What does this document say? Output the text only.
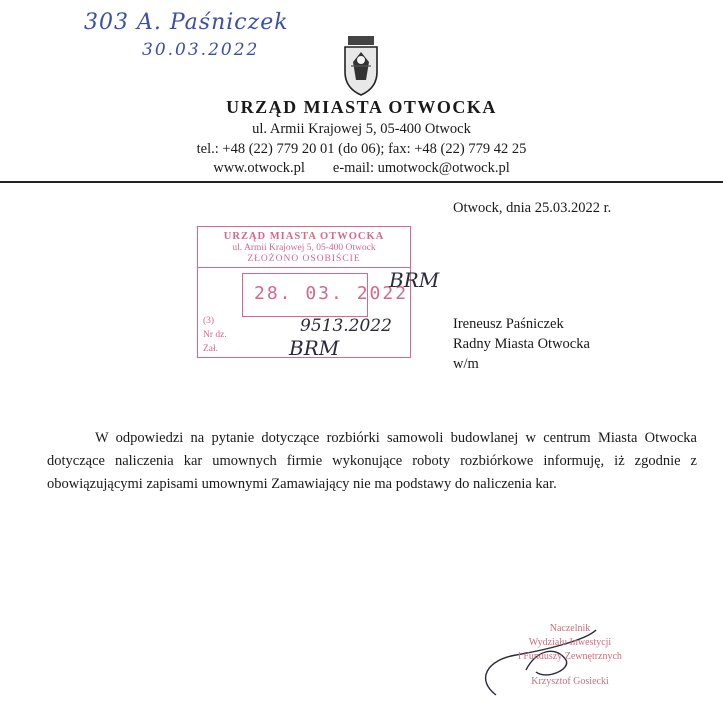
303 A. Paśniczek
30.03.2022
URZĄD MIASTA OTWOCKA
ul. Armii Krajowej 5, 05-400 Otwock
tel.: +48 (22) 779 20 01 (do 06); fax: +48 (22) 779 42 25
www.otwock.pl e-mail: umotwock@otwock.pl
Otwock, dnia 25.03.2022 r.
URZĄD MIASTA OTWOCKA
ul. Armii Krajowej 5, 05-400 Otwock
ZŁOŻONO OSOBIŚCIE
28. 03. 2022
(3)
Nr dz.
Zał.
9513.2022
BRM
BRM
Ireneusz Paśniczek
Radny Miasta Otwocka
w/m
W odpowiedzi na pytanie dotyczące rozbiórki samowoli budowlanej w centrum Miasta Otwocka dotyczące naliczenia kar umownych firmie wykonujące roboty rozbiórkowe informuję, iż zgodnie z obowiązującymi zapisami umownymi Zamawiający nie ma podstawy do naliczenia kar.
Naczelnik
Wydziału Inwestycji
i Funduszy Zewnętrznych
Krzysztof Gosiecki
